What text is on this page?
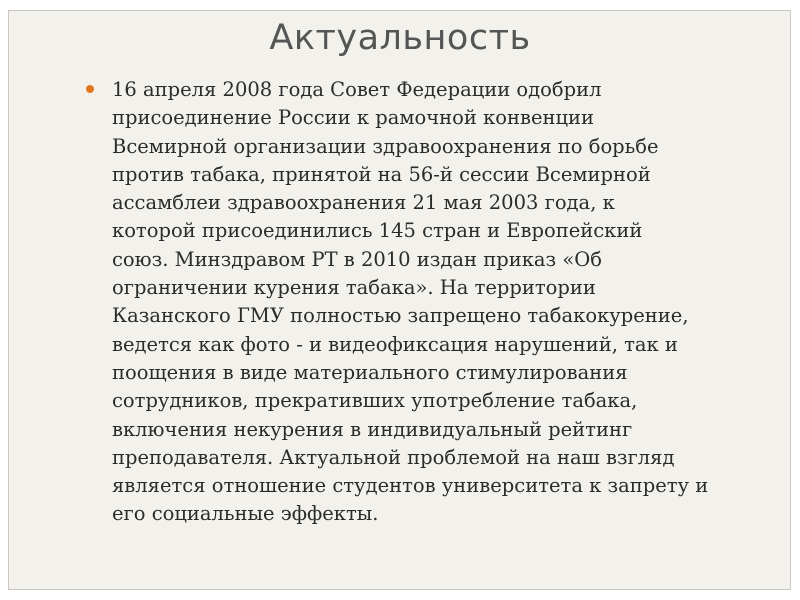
Актуальность

16 апреля 2008 года Совет Федерации одобрил
присоединение России к рамочной конвенции
Всемирной организации здравоохранения по борьбе
против табака, принятой на 56-й сессии Всемирной
ассамблеи здравоохранения 21 мая 2003 года, к
которой присоединились 145 стран и Европейский
союз. Минздравом РТ в 2010 издан приказ «Об
ограничении курения табака». На территории
Казанского ГМУ полностью запрещено табакокурение,
ведется как фото - и видеофиксация нарушений, так и
поощения в виде материального стимулирования
сотрудников, прекративших употребление табака,
включения некурения в индивидуальный рейтинг
преподавателя. Актуальной проблемой на наш взгляд
является отношение студентов университета к запрету и
его социальные эффекты.
